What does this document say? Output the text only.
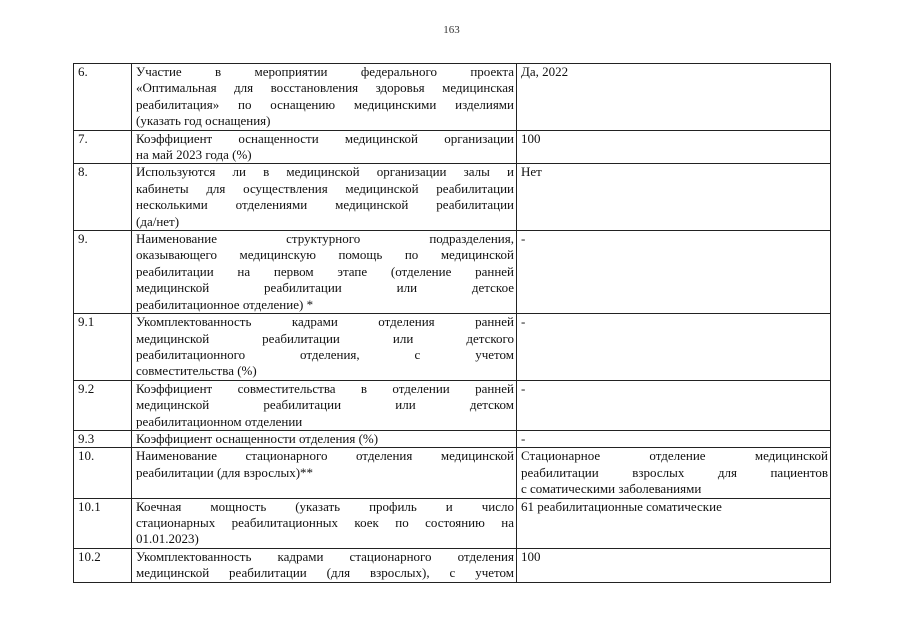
163
6.	Участие в мероприятии федерального проекта
«Оптимальная для восстановления здоровья медицинская
реабилитация» по оснащению медицинскими изделиями
(указать год оснащения)	Да, 2022
7.	Коэффициент оснащенности медицинской организации
на май 2023 года (%)	100
8.	Используются ли в медицинской организации залы и
кабинеты для осуществления медицинской реабилитации
несколькими отделениями медицинской реабилитации
(да/нет)	Нет
9.	Наименование структурного подразделения,
оказывающего медицинскую помощь по медицинской
реабилитации на первом этапе (отделение ранней
медицинской реабилитации или детское
реабилитационное отделение) *	-
9.1	Укомплектованность кадрами отделения ранней
медицинской реабилитации или детского
реабилитационного отделения, с учетом
совместительства (%)	-
9.2	Коэффициент совместительства в отделении ранней
медицинской реабилитации или детском
реабилитационном отделении	-
9.3	Коэффициент оснащенности отделения (%)	-
10.	Наименование стационарного отделения медицинской
реабилитации (для взрослых)**	Стационарное отделение медицинской
реабилитации взрослых для пациентов
с соматическими заболеваниями

10.1	Коечная мощность (указать профиль и число
стационарных реабилитационных коек по состоянию на
01.01.2023)	61 реабилитационные соматические
10.2	Укомплектованность кадрами стационарного отделения
медицинской реабилитации (для взрослых), с учетом	100
